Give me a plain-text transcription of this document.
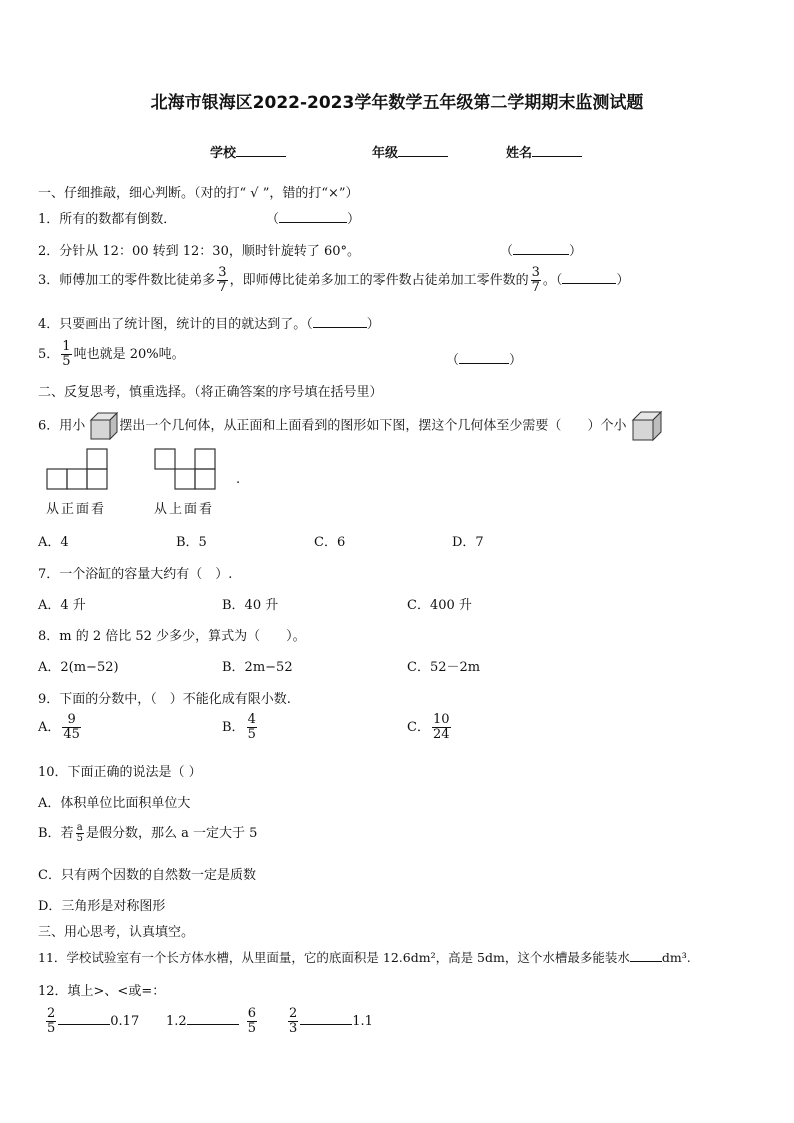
北海市银海区2022-2023学年数学五年级第二学期期末监测试题
学校	年级	姓名
一、仔细推敲，细心判断。（对的打“ √ ”，错的打“×”）
1．所有的数都有倒数．	（	）
2．分针从 12：00 转到 12：30，顺时针旋转了 60°。	（	）
3．师傅加工的零件数比徒弟多 $\frac{3}{7}$ ，即师傅比徒弟多加工的零件数占徒弟加工零件数的 $\frac{3}{7}$ 。（	）
4．只要画出了统计图，统计的目的就达到了。（	）
5． $\frac{1}{5}$ 吨也就是 20%吨。	（	）
二、反复思考，慎重选择。（将正确答案的序号填在括号里）
6．用小	摆出一个几何体，从正面和上面看到的图形如下图，摆这个几何体至少需要（ ）个小
从正面看	从上面看
.
A．4	B．5	C．6	D．7
7．一个浴缸的容量大约有（　）.
A．4 升	B．40 升	C．400 升
8．m 的 2 倍比 52 少多少，算式为（　　）。
A．2(m−52)	B．2m−52	C．52－2m
9．下面的分数中，（　）不能化成有限小数.
A． $\frac{9}{45}$	B． $\frac{4}{5}$	C． $\frac{10}{24}$
10．下面正确的说法是（ ）
A．体积单位比面积单位大
B．若 $\frac{a}{5}$ 是假分数，那么 a 一定大于 5
C．只有两个因数的自然数一定是质数
D．三角形是对称图形
三、用心思考，认真填空。
11．学校试验室有一个长方体水槽，从里面量，它的底面积是 12.6dm²，高是 5dm，这个水槽最多能装水	dm³.
12．填上>、<或=：
$\frac{2}{5}$	0.17 1.2	$\frac{6}{5} \frac{2}{3}$	1.1
